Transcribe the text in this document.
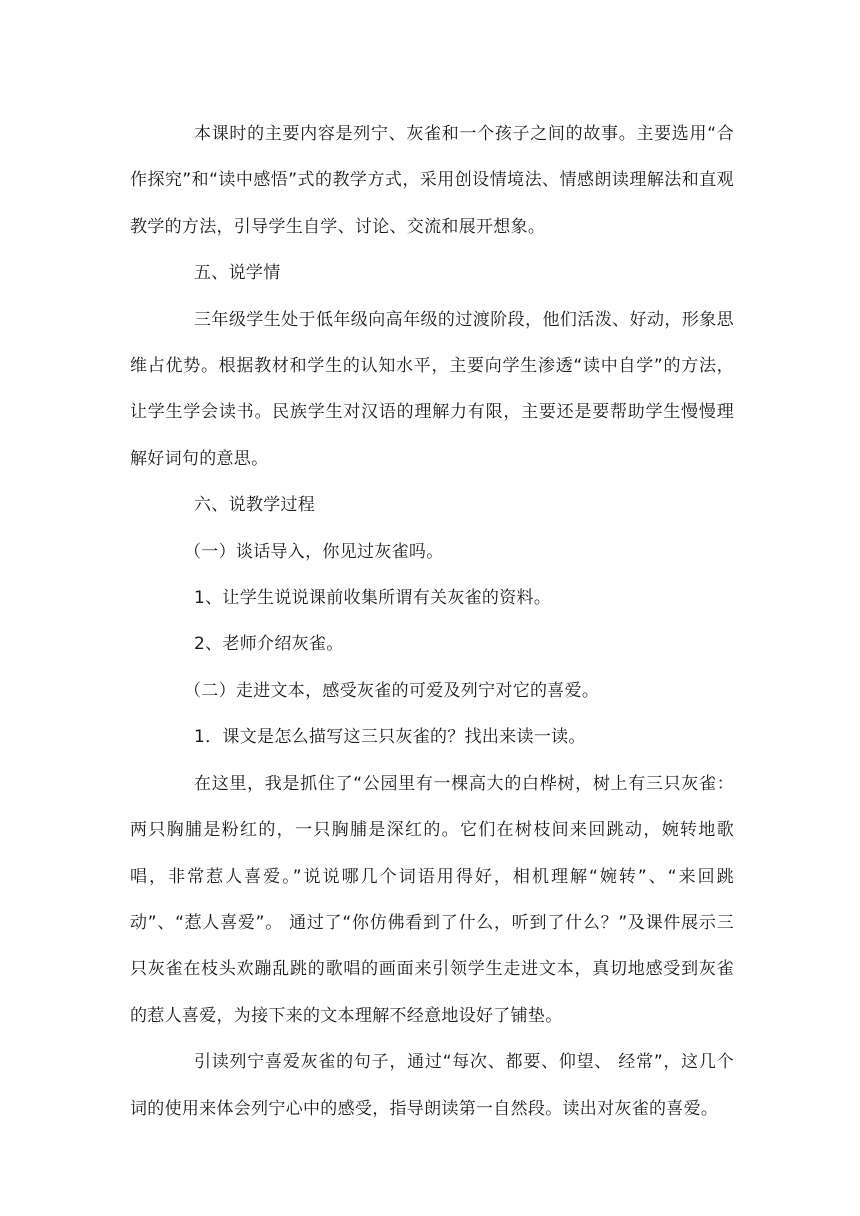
本课时的主要内容是列宁、灰雀和一个孩子之间的故事。主要选用“合作探究”和“读中感悟”式的教学方式，采用创设情境法、情感朗读理解法和直观教学的方法，引导学生自学、讨论、交流和展开想象。

五、说学情

三年级学生处于低年级向高年级的过渡阶段，他们活泼、好动，形象思维占优势。根据教材和学生的认知水平，主要向学生渗透“读中自学”的方法，让学生学会读书。民族学生对汉语的理解力有限，主要还是要帮助学生慢慢理解好词句的意思。

六、说教学过程

（一）谈话导入，你见过灰雀吗。

1、让学生说说课前收集所谓有关灰雀的资料。

2、老师介绍灰雀。

（二）走进文本，感受灰雀的可爱及列宁对它的喜爱。

1．课文是怎么描写这三只灰雀的？找出来读一读。

在这里，我是抓住了“公园里有一棵高大的白桦树，树上有三只灰雀：两只胸脯是粉红的，一只胸脯是深红的。它们在树枝间来回跳动，婉转地歌唱，非常惹人喜爱。”说说哪几个词语用得好，相机理解“婉转”、“来回跳动”、“惹人喜爱”。 通过了“你仿佛看到了什么，听到了什么？”及课件展示三只灰雀在枝头欢蹦乱跳的歌唱的画面来引领学生走进文本，真切地感受到灰雀的惹人喜爱，为接下来的文本理解不经意地设好了铺垫。

引读列宁喜爱灰雀的句子，通过“每次、都要、仰望、 经常”，这几个词的使用来体会列宁心中的感受，指导朗读第一自然段。读出对灰雀的喜爱。
